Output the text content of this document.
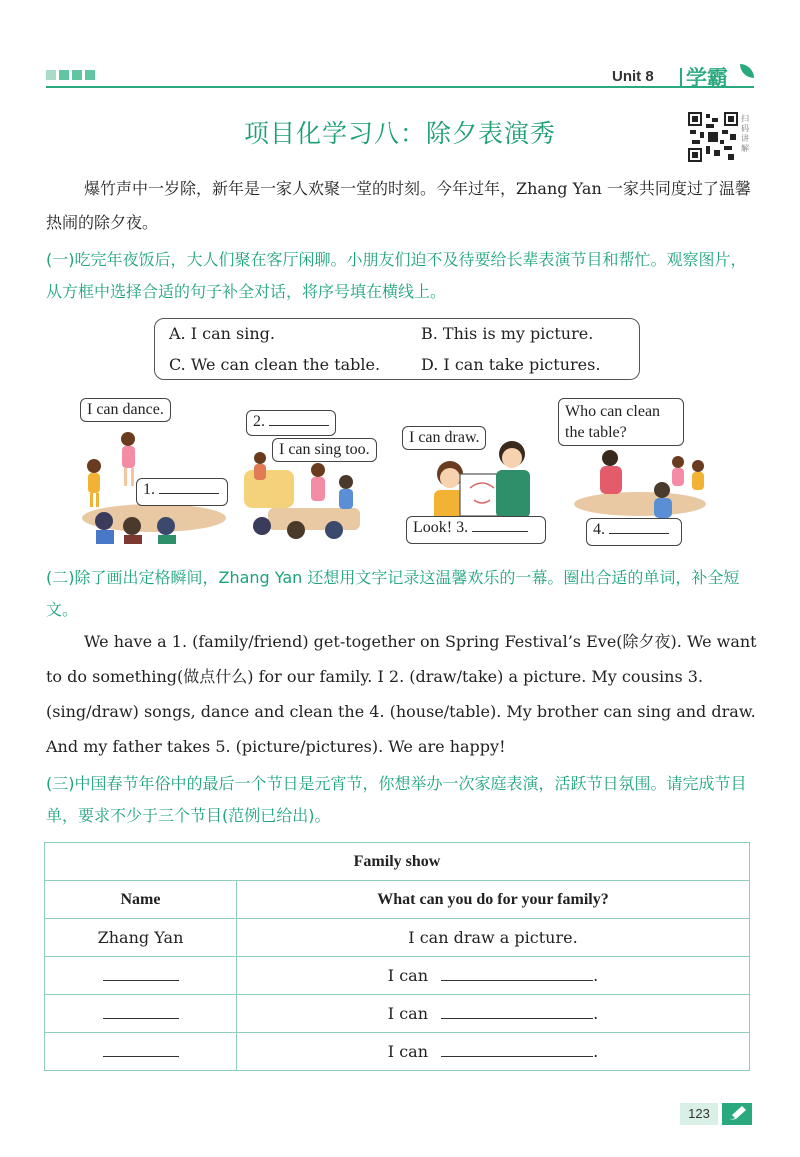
Unit 8 学霸
项目化学习八：除夕表演秀
扫码讲解
爆竹声中一岁除，新年是一家人欢聚一堂的时刻。今年过年，Zhang Yan 一家共同度过了温馨热闹的除夕夜。
(一)吃完年夜饭后，大人们聚在客厅闲聊。小朋友们迫不及待要给长辈表演节目和帮忙。观察图片，从方框中选择合适的句子补全对话，将序号填在横线上。
A. I can sing.	B. This is my picture.
C. We can clean the table.	D. I can take pictures.
I can dance.
1.
2.
I can sing too.
I can draw.
Look! 3.
Who can clean the table?
4.
(二)除了画出定格瞬间，Zhang Yan 还想用文字记录这温馨欢乐的一幕。圈出合适的单词，补全短文。
We have a 1. (family/friend) get-together on Spring Festival’s Eve(除夕夜). We want to do something(做点什么) for our family. I 2. (draw/take) a picture. My cousins 3. (sing/draw) songs, dance and clean the 4. (house/table). My brother can sing and draw. And my father takes 5. (picture/pictures). We are happy!
(三)中国春节年俗中的最后一个节日是元宵节，你想举办一次家庭表演，活跃节日氛围。请完成节目单，要求不少于三个节目(范例已给出)。
Family show	
Name	What can you do for your family?
Zhang Yan	I can draw a picture.
	I can .
	I can .
	I can .
123
